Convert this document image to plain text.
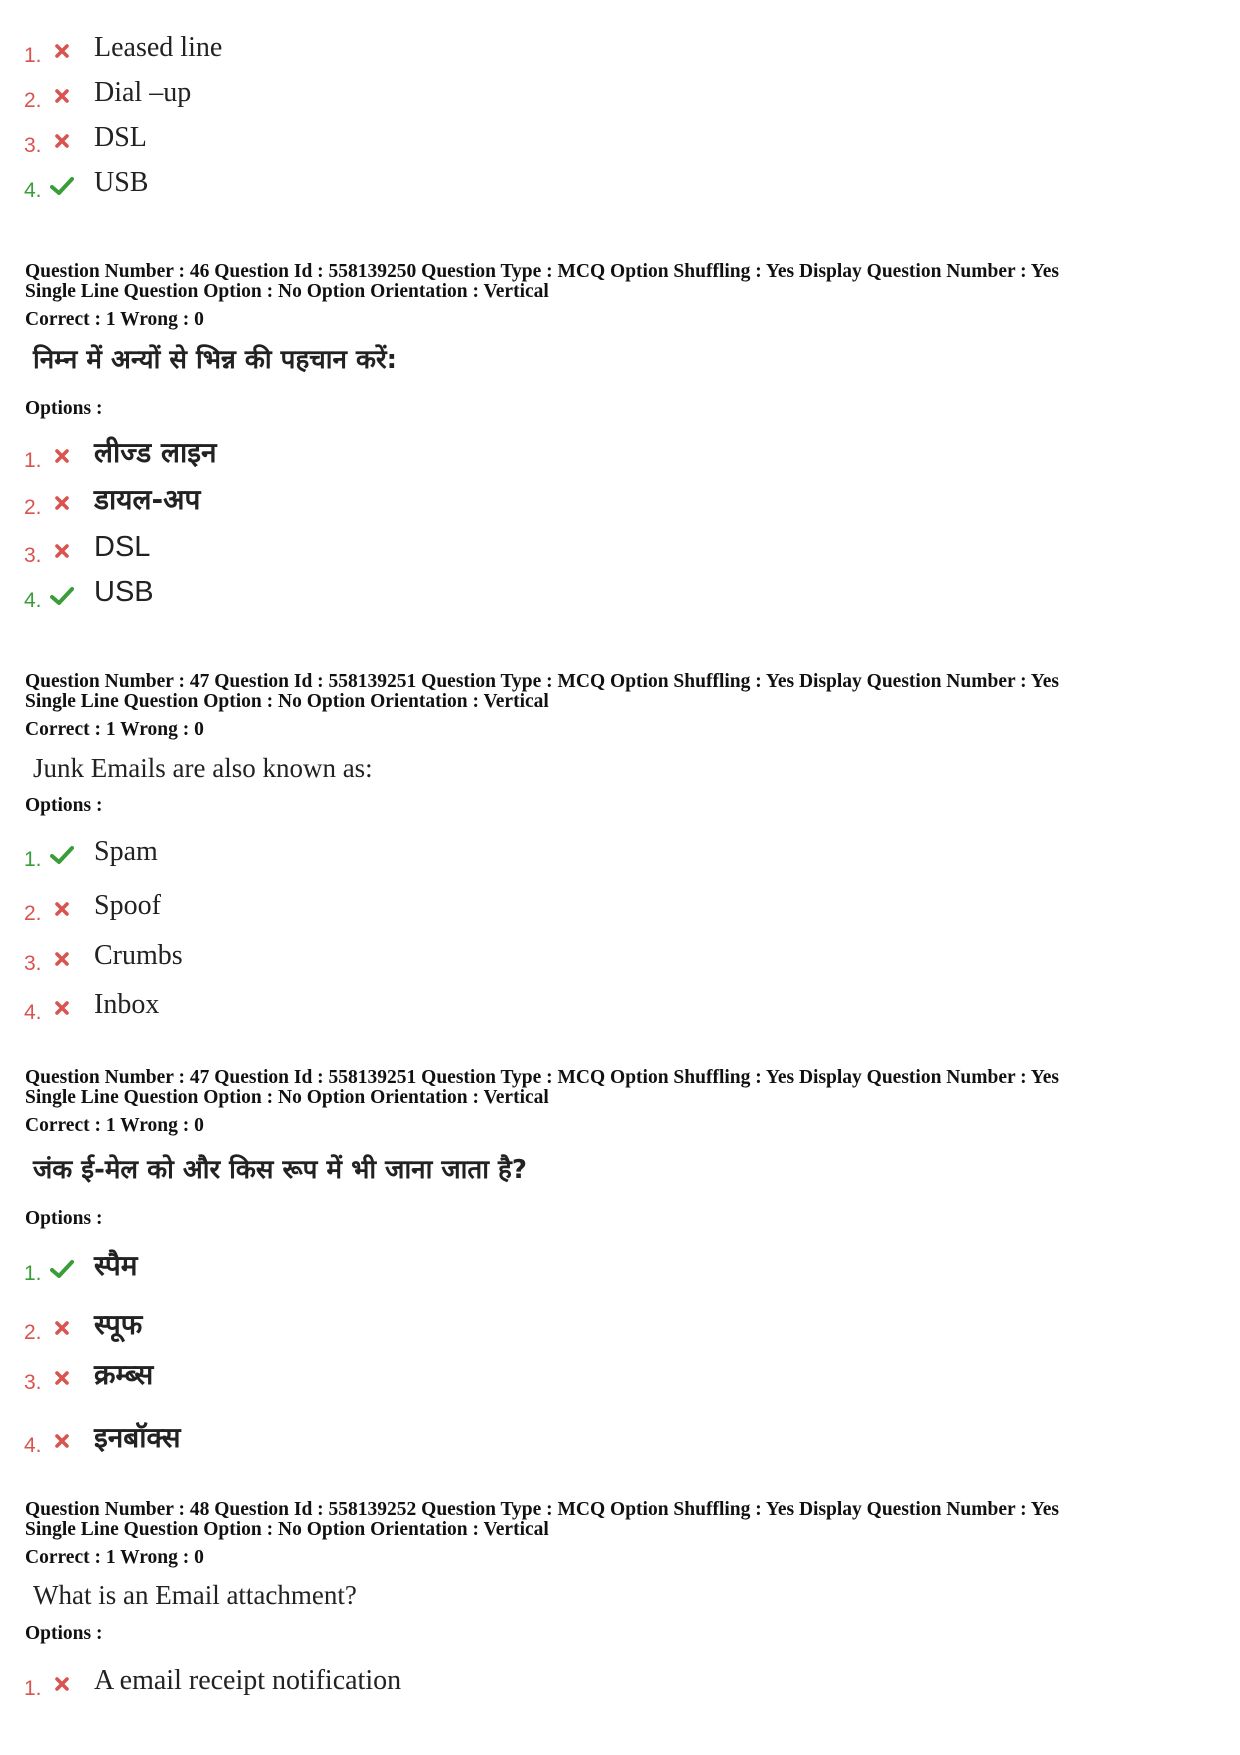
1. Leased line
2. Dial –up
3. DSL
4. USB
Question Number : 46 Question Id : 558139250 Question Type : MCQ Option Shuffling : Yes Display Question Number : Yes
Single Line Question Option : No Option Orientation : Vertical
Correct : 1 Wrong : 0
निम्न में अन्यों से भिन्न की पहचान करें:
Options :
1. लीज्ड लाइन
2. डायल-अप
3. DSL
4. USB
Question Number : 47 Question Id : 558139251 Question Type : MCQ Option Shuffling : Yes Display Question Number : Yes
Single Line Question Option : No Option Orientation : Vertical
Correct : 1 Wrong : 0
Junk Emails are also known as:
Options :
1. Spam
2. Spoof
3. Crumbs
4. Inbox
Question Number : 47 Question Id : 558139251 Question Type : MCQ Option Shuffling : Yes Display Question Number : Yes
Single Line Question Option : No Option Orientation : Vertical
Correct : 1 Wrong : 0
जंक ई-मेल को और किस रूप में भी जाना जाता है?
Options :
1. स्पैम
2. स्पूफ
3. क्रम्ब्स
4. इनबॉक्स
Question Number : 48 Question Id : 558139252 Question Type : MCQ Option Shuffling : Yes Display Question Number : Yes
Single Line Question Option : No Option Orientation : Vertical
Correct : 1 Wrong : 0
What is an Email attachment?
Options :
1. A email receipt notification
